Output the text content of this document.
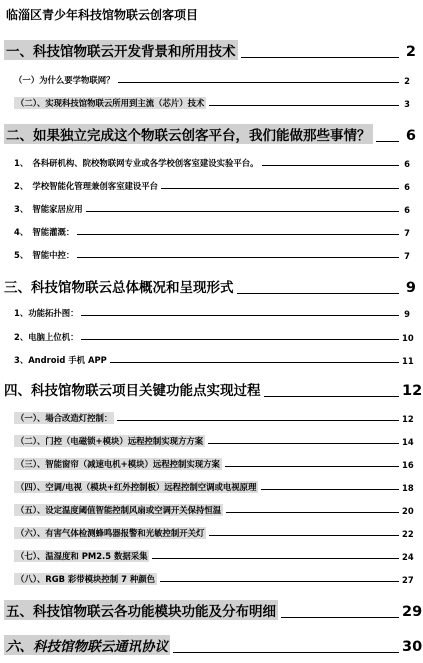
临淄区青少年科技馆物联云创客项目
一、科技馆物联云开发背景和所用技术	2
（一）为什么要学物联网？	2
（二）、实现科技馆物联云所用到主流（芯片）技术	3
二、如果独立完成这个物联云创客平台，我们能做那些事情？ 6
1、　各科研机构、院校物联网专业或各学校创客室建设实验平台。	6
2、　学校智能化管理兼创客室建设平台	6
3、　智能家居应用	6
4、　智能灌溉：	7
5、　智能中控：	7
三、科技馆物联云总体概况和呈现形式	9
1、功能拓扑图：	9
2、电脑上位机：	10
3、Android 手机 APP	11
四、科技馆物联云项目关键功能点实现过程	12
（一）、場合改造灯控制：	12
（二）、门控（电磁锁+模块）远程控制实现方方案	14
（三）、智能窗帘（减速电机+模块）远程控制实现方案	16
（四）、空调/电视（模块+红外控制板）远程控制空调或电视原理	18
（五）、设定温度阈值智能控制风扇或空调开关保持恒温	20
（六）、有害气体检测蜂鸣器报警和光敏控制开关灯	22
（七）、温湿度和 PM2.5 数据采集	24
（八）、RGB 彩带模块控制 7 种颜色	27
五、科技馆物联云各功能模块功能及分布明细	29
六、科技馆物联云通讯协议	30
